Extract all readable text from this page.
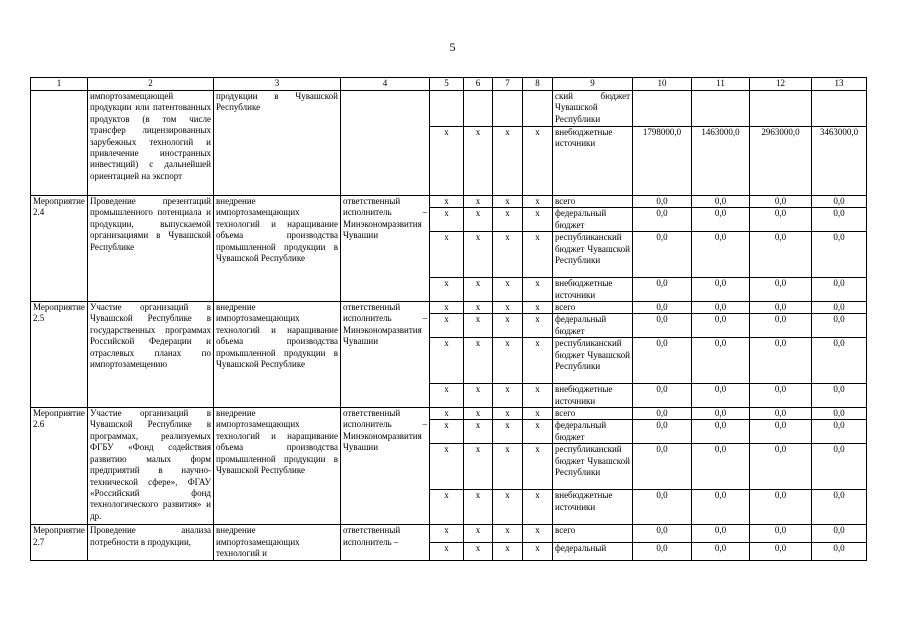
5
1	2	3	4	5	6	7	8	9	10	11	12	13
	импортозамещающей продукции или патентованных продуктов (в том числе трансфер лицензированных зарубежных технологий и привлечение иностранных инвестиций) с дальнейшей ориентацией на экспорт	продукции в Чувашской Республике						ский бюджет Чувашской Республики				
				x	x	x	x	внебюджетные источники	1798000,0	1463000,0	2963000,0	3463000,0
Мероприятие 2.4	Проведение презентаций промышленного потенциала и продукции, выпускаемой организациями в Чувашской Республике	внедрение импортозамещающих технологий и наращивание объема производства промышленной продукции в Чувашской Республике	ответственный исполнитель – Минэкономразвития Чувашии	x	x	x	x	всего	0,0	0,0	0,0	0,0
				x	x	x	x	федеральный бюджет	0,0	0,0	0,0	0,0
				x	x	x	x	республиканский бюджет Чувашской Республики	0,0	0,0	0,0	0,0
				x	x	x	x	внебюджетные источники	0,0	0,0	0,0	0,0
Мероприятие 2.5	Участие организаций в Чувашской Республике в государственных программах Российской Федерации и отраслевых планах по импортозамещению	внедрение импортозамещающих технологий и наращивание объема производства промышленной продукции в Чувашской Республике	ответственный исполнитель – Минэкономразвития Чувашии	x	x	x	x	всего	0,0	0,0	0,0	0,0
				x	x	x	x	федеральный бюджет	0,0	0,0	0,0	0,0
				x	x	x	x	республиканский бюджет Чувашской Республики	0,0	0,0	0,0	0,0
				x	x	x	x	внебюджетные источники	0,0	0,0	0,0	0,0
Мероприятие 2.6	Участие организаций в Чувашской Республике в программах, реализуемых ФГБУ «Фонд содействия развитию малых форм предприятий в научно-технической сфере», ФГАУ «Российский фонд технологического развития» и др.	внедрение импортозамещающих технологий и наращивание объема производства промышленной продукции в Чувашской Республике	ответственный исполнитель – Минэкономразвития Чувашии	x	x	x	x	всего	0,0	0,0	0,0	0,0
				x	x	x	x	федеральный бюджет	0,0	0,0	0,0	0,0
				x	x	x	x	республиканский бюджет Чувашской Республики	0,0	0,0	0,0	0,0
				x	x	x	x	внебюджетные источники	0,0	0,0	0,0	0,0
Мероприятие 2.7	Проведение анализа потребности в продукции,	внедрение импортозамещающих технологий и	ответственный исполнитель –	x	x	x	x	всего	0,0	0,0	0,0	0,0
				x	x	x	x	федеральный	0,0	0,0	0,0	0,0
